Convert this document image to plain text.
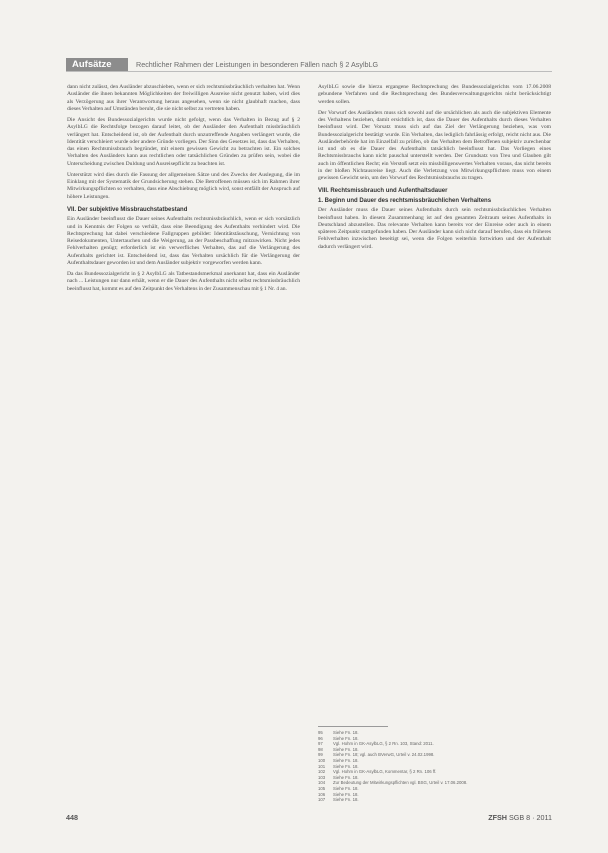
Aufsätze	Rechtlicher Rahmen der Leistungen in besonderen Fällen nach § 2 AsylbLG

dann nicht zulässt, den Ausländer abzuschieben, wenn er sich rechtsmissbräuchlich verhalten hat. Wenn Ausländer die ihnen bekannten Möglichkeiten der freiwilligen Ausreise nicht genutzt haben, wird dies als Verzögerung aus ihrer Verantwortung heraus angesehen, wenn sie nicht glaubhaft machen, dass dieses Verhalten auf Umständen beruht, die sie nicht selbst zu vertreten haben.

Die Ansicht des Bundessozialgerichts wurde nicht gefolgt, wenn das Verhalten in Bezug auf § 2 AsylbLG die Rechtsfolge bezogen darauf leitet, ob der Ausländer den Aufenthalt missbräuchlich verlängert hat. Entscheidend ist, ob der Aufenthalt durch unzutreffende Angaben verlängert wurde, die Identität verschleiert wurde oder andere Gründe vorliegen. Der Sinn des Gesetzes ist, dass das Verhalten, das einen Rechtsmissbrauch begründet, mit einem gewissen Gewicht zu betrachten ist. Ein solches Verhalten des Ausländers kann aus rechtlichen oder tatsächlichen Gründen zu prüfen sein, wobei die Unterscheidung zwischen Duldung und Ausreisepflicht zu beachten ist.

Unterstützt wird dies durch die Fassung der allgemeinen Sätze und des Zwecks der Auslegung, die im Einklang mit der Systematik der Grundsicherung stehen. Die Betroffenen müssen sich im Rahmen ihrer Mitwirkungspflichten so verhalten, dass eine Abschiebung möglich wird, sonst entfällt der Anspruch auf höhere Leistungen.

VII. Der subjektive Missbrauchstatbestand

Ein Ausländer beeinflusst die Dauer seines Aufenthalts rechtsmissbräuchlich, wenn er sich vorsätzlich und in Kenntnis der Folgen so verhält, dass eine Beendigung des Aufenthalts verhindert wird. Die Rechtsprechung hat dabei verschiedene Fallgruppen gebildet: Identitätstäuschung, Vernichtung von Reisedokumenten, Untertauchen und die Weigerung, an der Passbeschaffung mitzuwirken. Nicht jedes Fehlverhalten genügt; erforderlich ist ein verwerfliches Verhalten, das auf die Verlängerung des Aufenthalts gerichtet ist. Entscheidend ist, dass das Verhalten ursächlich für die Verlängerung der Aufenthaltsdauer geworden ist und dem Ausländer subjektiv vorgeworfen werden kann.

Da das Bundessozialgericht in § 2 AsylbLG als Tatbestandsmerkmal anerkannt hat, dass ein Ausländer nach ... Leistungen nur dann erhält, wenn er die Dauer des Aufenthalts nicht selbst rechtsmissbräuchlich beeinflusst hat, kommt es auf den Zeitpunkt des Verhaltens in der Zusammenschau mit § 1 Nr. 4 an.

AsylbLG sowie die hierzu ergangene Rechtsprechung des Bundessozialgerichts vom 17.06.2008 gebundene Verfahren und die Rechtsprechung des Bundesverwaltungsgerichts nicht berücksichtigt werden sollen.

Der Vorwurf des Ausländers muss sich sowohl auf die ursächlichen als auch die subjektiven Elemente des Verhaltens beziehen, damit ersichtlich ist, dass die Dauer des Aufenthalts durch dieses Verhalten beeinflusst wird. Der Vorsatz muss sich auf das Ziel der Verlängerung beziehen, was vom Bundessozialgericht bestätigt wurde. Ein Verhalten, das lediglich fahrlässig erfolgt, reicht nicht aus. Die Ausländerbehörde hat im Einzelfall zu prüfen, ob das Verhalten dem Betroffenen subjektiv zurechenbar ist und ob es die Dauer des Aufenthalts tatsächlich beeinflusst hat. Das Vorliegen eines Rechtsmissbrauchs kann nicht pauschal unterstellt werden. Der Grundsatz von Treu und Glauben gilt auch im öffentlichen Recht; ein Verstoß setzt ein missbilligenswertes Verhalten voraus, das nicht bereits in der bloßen Nichtausreise liegt. Auch die Verletzung von Mitwirkungspflichten muss von einem gewissen Gewicht sein, um den Vorwurf des Rechtsmissbrauchs zu tragen.

VIII. Rechtsmissbrauch und Aufenthaltsdauer
1. Beginn und Dauer des rechtsmissbräuchlichen Verhaltens

Der Ausländer muss die Dauer seines Aufenthalts durch sein rechtsmissbräuchliches Verhalten beeinflusst haben. In diesem Zusammenhang ist auf den gesamten Zeitraum seines Aufenthalts in Deutschland abzustellen. Das relevante Verhalten kann bereits vor der Einreise oder auch in einem späteren Zeitpunkt stattgefunden haben. Der Ausländer kann sich nicht darauf berufen, dass ein früheres Fehlverhalten inzwischen beseitigt sei, wenn die Folgen weiterhin fortwirken und der Aufenthalt dadurch verlängert wird.

95	Siehe Fn. 18.
96	Siehe Fn. 18.
97	Vgl. Hohm in GK-AsylbLG, § 2 Rn. 103, Stand: 2011.
98	Siehe Fn. 18.
99	Siehe Fn. 18; vgl. auch BVerwG, Urteil v. 24.02.1998.
100	Siehe Fn. 18.
101	Siehe Fn. 18.
102	Vgl. Hohm in GK-AsylbLG, Kommentar, § 2 Rn. 106 ff.
103	Siehe Fn. 18.
104	Zur Bedeutung der Mitwirkungspflichten vgl. BSG, Urteil v. 17.06.2008.
105	Siehe Fn. 18.
106	Siehe Fn. 18.
107	Siehe Fn. 18.
448	ZFSH SGB 8 · 2011
